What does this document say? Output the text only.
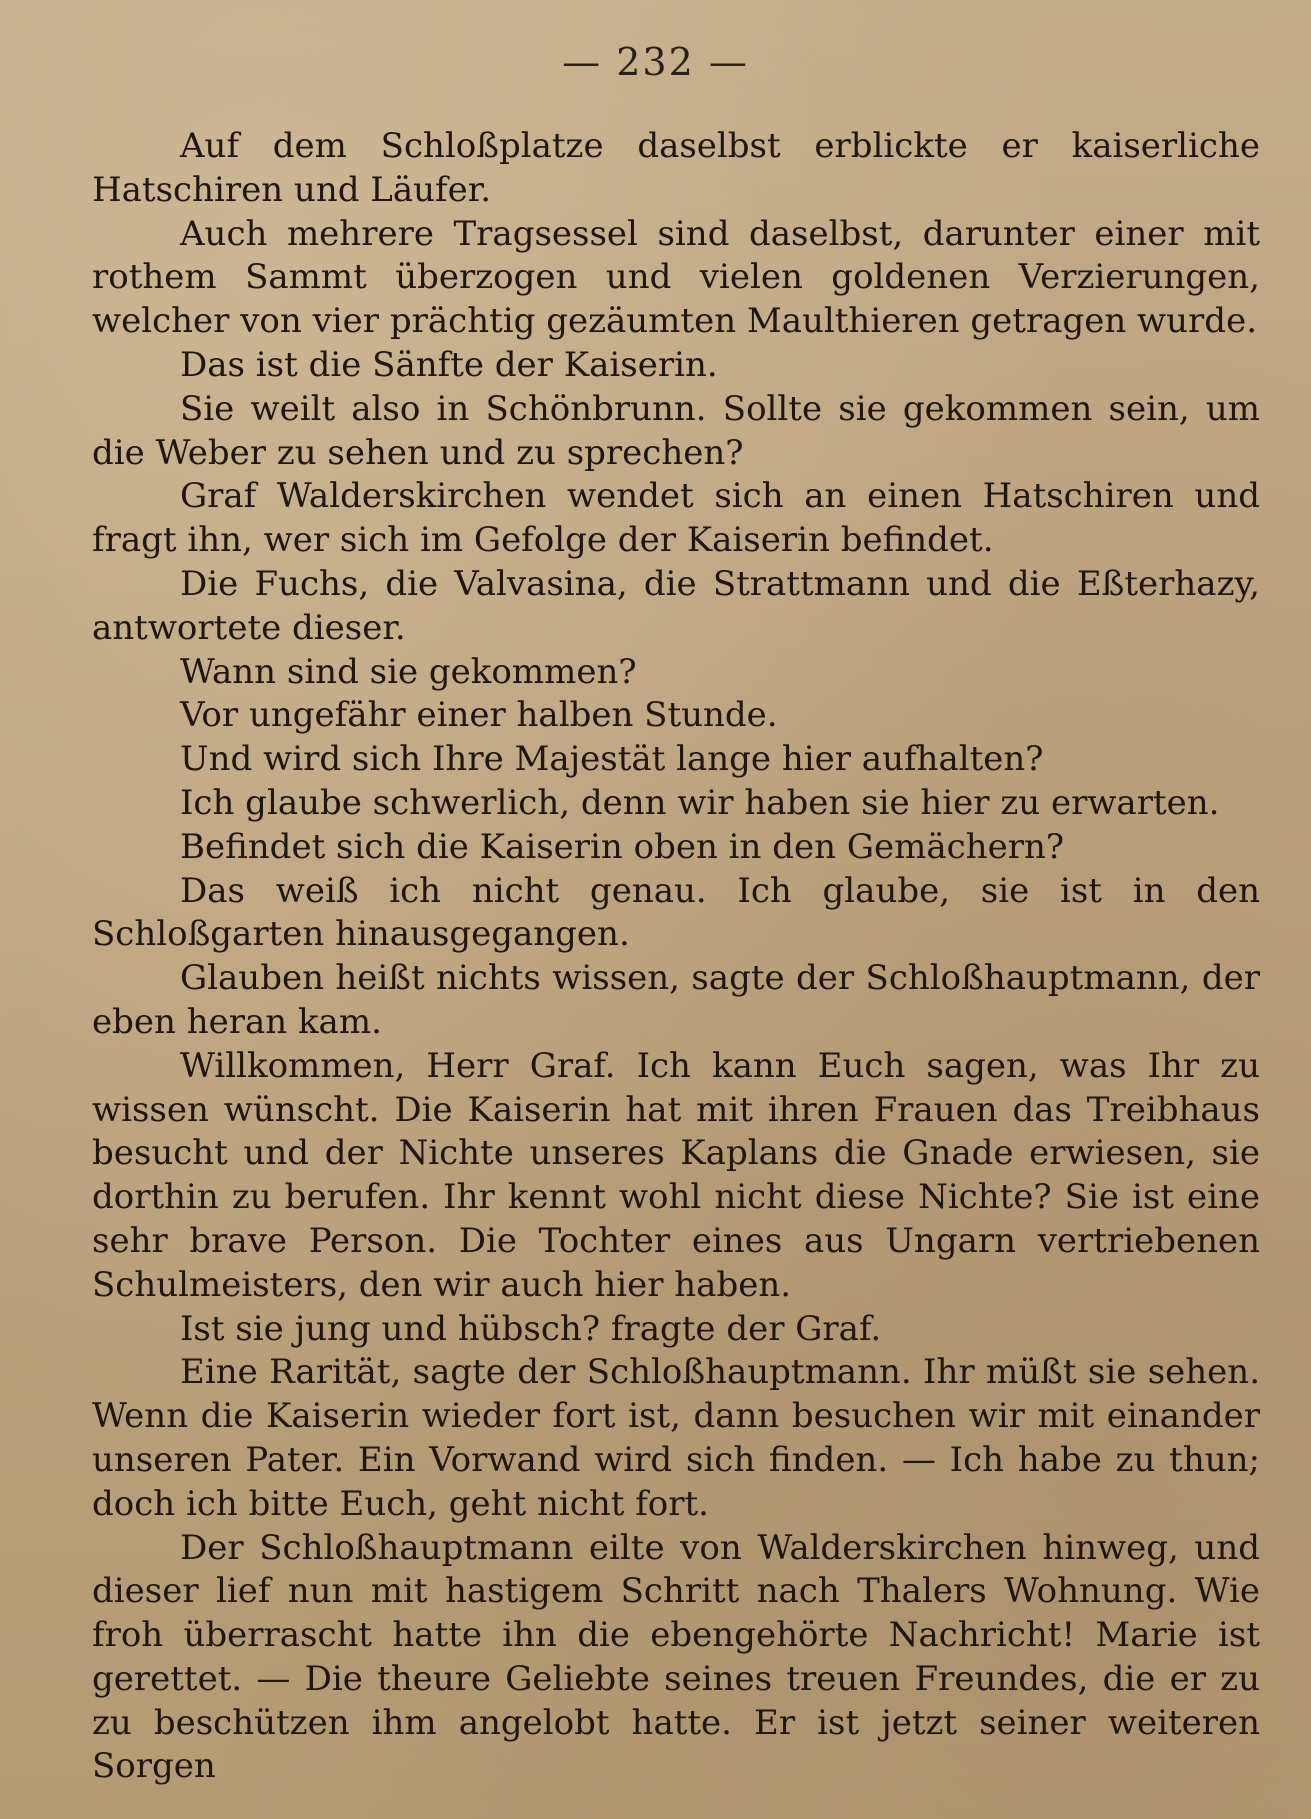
— 232 —

Auf dem Schloßplatze daselbst erblickte er kaiserliche Hatschiren und Läufer.

Auch mehrere Tragsessel sind daselbst, darunter einer mit rothem Sammt überzogen und vielen goldenen Verzierungen, welcher von vier prächtig gezäumten Maulthieren getragen wurde.

Das ist die Sänfte der Kaiserin.

Sie weilt also in Schönbrunn. Sollte sie gekommen sein, um die Weber zu sehen und zu sprechen?

Graf Walderskirchen wendet sich an einen Hatschiren und fragt ihn, wer sich im Gefolge der Kaiserin befindet.

Die Fuchs, die Valvasina, die Strattmann und die Eßterhazy, antwortete dieser.

Wann sind sie gekommen?

Vor ungefähr einer halben Stunde.

Und wird sich Ihre Majestät lange hier aufhalten?

Ich glaube schwerlich, denn wir haben sie hier zu erwarten.

Befindet sich die Kaiserin oben in den Gemächern?

Das weiß ich nicht genau. Ich glaube, sie ist in den Schloßgarten hinausgegangen.

Glauben heißt nichts wissen, sagte der Schloßhauptmann, der eben heran kam.

Willkommen, Herr Graf. Ich kann Euch sagen, was Ihr zu wissen wünscht. Die Kaiserin hat mit ihren Frauen das Treibhaus besucht und der Nichte unseres Kaplans die Gnade erwiesen, sie dorthin zu berufen. Ihr kennt wohl nicht diese Nichte? Sie ist eine sehr brave Person. Die Tochter eines aus Ungarn vertriebenen Schulmeisters, den wir auch hier haben.

Ist sie jung und hübsch? fragte der Graf.

Eine Rarität, sagte der Schloßhauptmann. Ihr müßt sie sehen. Wenn die Kaiserin wieder fort ist, dann besuchen wir mit einander unseren Pater. Ein Vorwand wird sich finden. — Ich habe zu thun; doch ich bitte Euch, geht nicht fort.

Der Schloßhauptmann eilte von Walderskirchen hinweg, und dieser lief nun mit hastigem Schritt nach Thalers Wohnung. Wie froh überrascht hatte ihn die ebengehörte Nachricht! Marie ist gerettet. — Die theure Geliebte seines treuen Freundes, die er zu zu beschützen ihm angelobt hatte. Er ist jetzt seiner weiteren Sorgen
